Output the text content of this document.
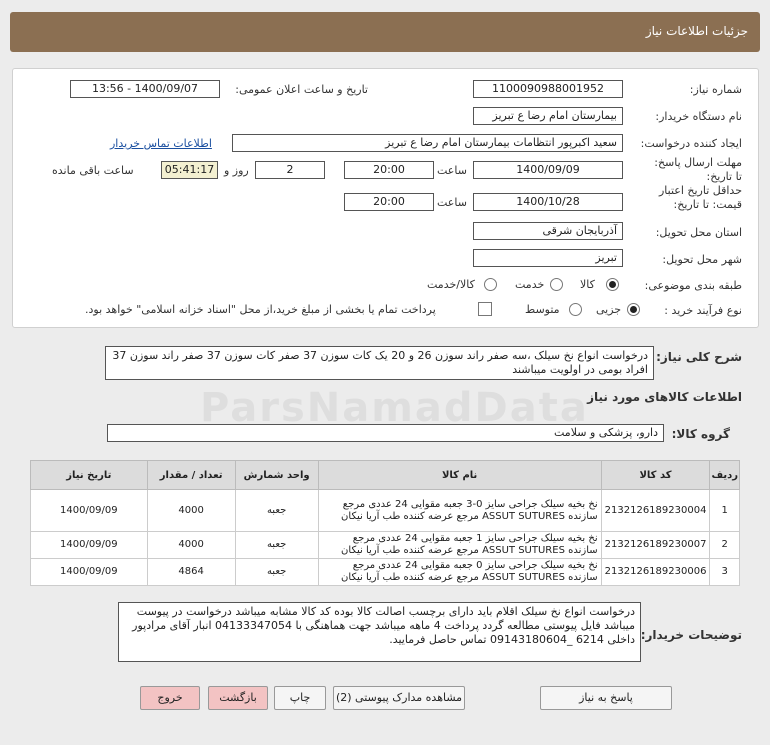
جزئیات اطلاعات نیاز
شماره نیاز:
1100090988001952
تاریخ و ساعت اعلان عمومی:
1400/09/07 - 13:56
نام دستگاه خریدار:
بیمارستان امام رضا ع تبریز
ایجاد کننده درخواست:
سعید اکبرپور انتظامات بیمارستان امام رضا ع تبریز
اطلاعات تماس خریدار
مهلت ارسال پاسخ: تا تاریخ:
1400/09/09
ساعت
20:00
2
روز و
05:41:17
ساعت باقی مانده
حداقل تاریخ اعتبار قیمت: تا تاریخ:
1400/10/28
ساعت
20:00
استان محل تحویل:
آذربایجان شرقی
شهر محل تحویل:
تبریز
طبقه بندی موضوعی:
کالا
خدمت
کالا/خدمت
نوع فرآیند خرید :
جزیی
متوسط
پرداخت تمام یا بخشی از مبلغ خرید،از محل "اسناد خزانه اسلامی" خواهد بود.
شرح کلی نیاز:
درخواست انواع نخ سیلک ،سه صفر راند سوزن 26 و 20 یک کات سوزن 37 صفر کات سوزن 37 صفر راند سوزن 37 افراد بومی در اولویت میباشند
ParsNamadData
اطلاعات کالاهای مورد نیاز
گروه کالا:
دارو، پزشکی و سلامت
ردیف	کد کالا	نام کالا	واحد شمارش	تعداد / مقدار	تاریخ نیاز
1	2132126189230004	نخ بخیه سیلک جراحی سایز 0-3 جعبه مقوایی 24 عددی مرجع سازنده ASSUT SUTURES مرجع عرضه کننده طب آریا نیکان	جعبه	4000	1400/09/09
2	2132126189230007	نخ بخیه سیلک جراحی سایز 1 جعبه مقوایی 24 عددی مرجع سازنده ASSUT SUTURES مرجع عرضه کننده طب آریا نیکان	جعبه	4000	1400/09/09
3	2132126189230006	نخ بخیه سیلک جراحی سایز 0 جعبه مقوایی 24 عددی مرجع سازنده ASSUT SUTURES مرجع عرضه کننده طب آریا نیکان	جعبه	4864	1400/09/09
توضیحات خریدار:
درخواست انواع نخ سیلک اقلام باید دارای برچسب اصالت کالا بوده کد کالا مشابه میباشد درخواست در پیوست میباشد فایل پیوستی مطالعه گردد پرداخت 4 ماهه میباشد جهت هماهنگی با 04133347054 انبار آقای مرادپور داخلی 6214 _09143180604 تماس حاصل فرمایید.
پاسخ به نیاز
مشاهده مدارک پیوستی (2)
چاپ
بازگشت
خروج
